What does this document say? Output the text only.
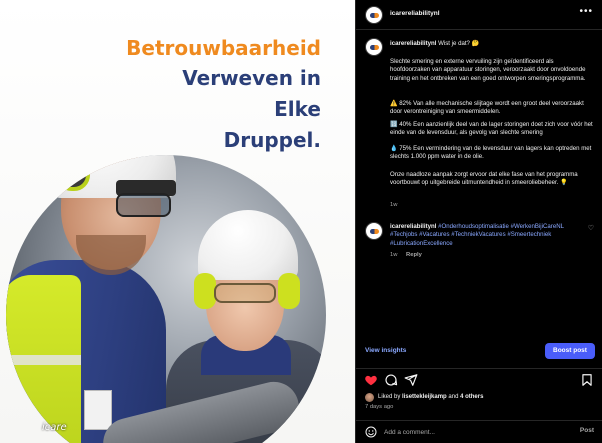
Betrouwbaarheid
Verweven in
Elke
Druppel.
icare
icarereliabilitynl	•••
icarereliabilitynl Wist je dat? 🤔
Slechte smering en externe vervuiling zijn geïdentificeerd als hoofdoorzaken van apparatuur storingen, veroorzaakt door onvoldoende training en het ontbreken van een goed ontworpen smeringsprogramma.
⚠️ 82% Van alle mechanische slijtage wordt een groot deel veroorzaakt door verontreiniging van smeermiddelen.
🔢 40% Een aanzienlijk deel van de lager storingen doet zich voor vóór het einde van de levensduur, als gevolg van slechte smering
💧 75% Een vermindering van de levensduur van lagers kan optreden met slechts 1.000 ppm water in de olie.
Onze naadloze aanpak zorgt ervoor dat elke fase van het programma voortbouwt op uitgebreide uitmuntendheid in smeeroliebeheer. 💡
1w
icarereliabilitynl #Onderhoudsoptimalisatie #WerkenBijiCareNL #Techjobs #Vacatures #TechniekVacatures #Smeertechniek #LubricationExcellence
♡
1w Reply
View insights	Boost post
Liked by lisettekleijkamp and 4 others
7 days ago
Add a comment...
Post
